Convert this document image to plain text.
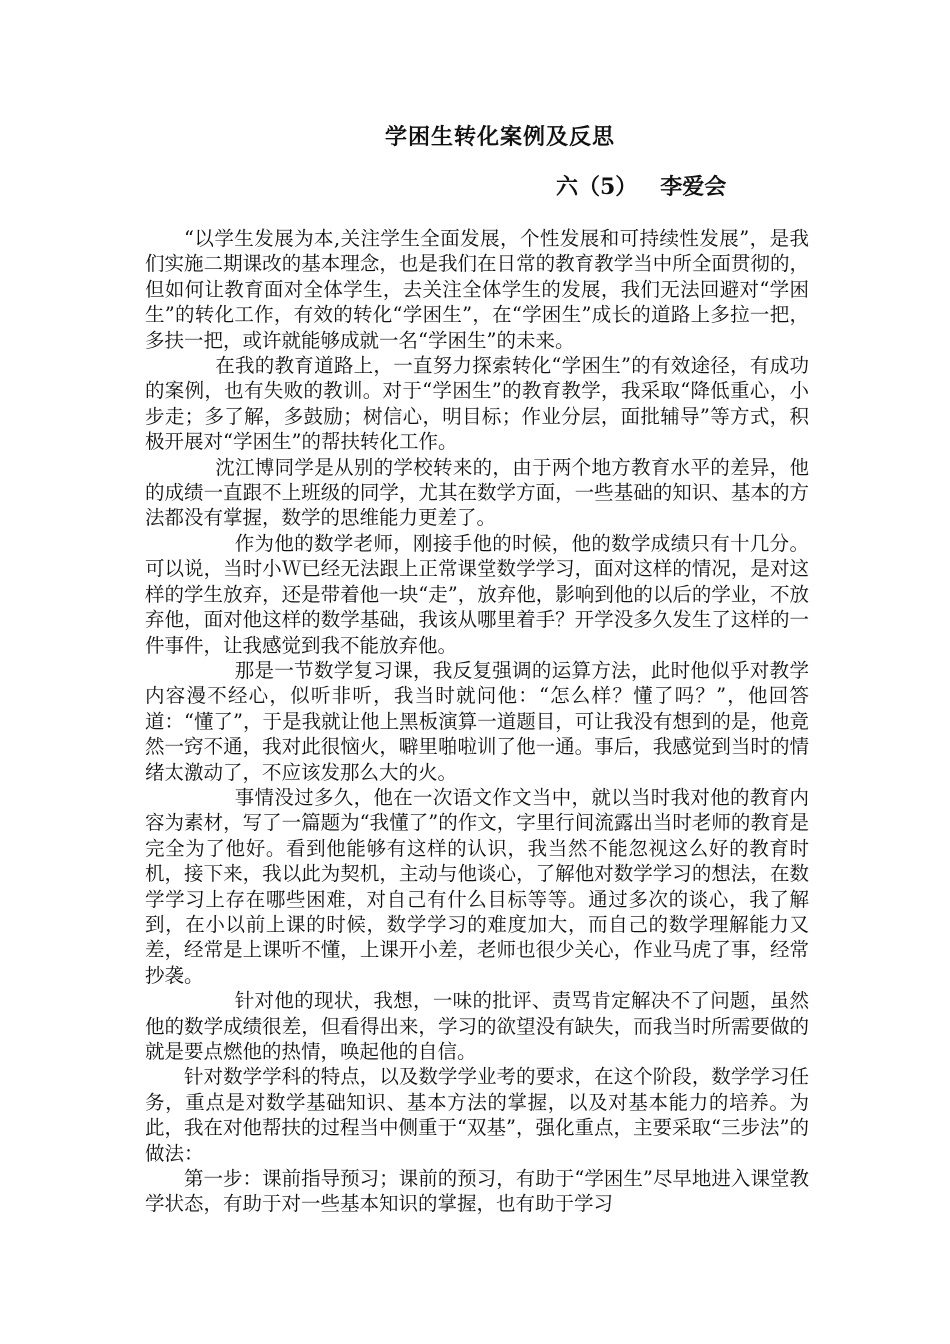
学困生转化案例及反思
六（5）   李爱会

“以学生发展为本,关注学生全面发展，个性发展和可持续性发展”，是我们实施二期课改的基本理念，也是我们在日常的教育教学当中所全面贯彻的，但如何让教育面对全体学生，去关注全体学生的发展，我们无法回避对“学困生”的转化工作，有效的转化“学困生”，在“学困生”成长的道路上多拉一把，多扶一把，或许就能够成就一名“学困生”的未来。

在我的教育道路上，一直努力探索转化“学困生”的有效途径，有成功的案例，也有失败的教训。对于“学困生”的教育教学，我采取“降低重心，小步走；多了解，多鼓励；树信心，明目标；作业分层，面批辅导”等方式，积极开展对“学困生”的帮扶转化工作。

沈江博同学是从别的学校转来的，由于两个地方教育水平的差异，他的成绩一直跟不上班级的同学，尤其在数学方面，一些基础的知识、基本的方法都没有掌握，数学的思维能力更差了。

作为他的数学老师，刚接手他的时候，他的数学成绩只有十几分。可以说，当时小Ｗ已经无法跟上正常课堂数学学习，面对这样的情况，是对这样的学生放弃，还是带着他一块“走”，放弃他，影响到他的以后的学业，不放弃他，面对他这样的数学基础，我该从哪里着手？开学没多久发生了这样的一件事件，让我感觉到我不能放弃他。

那是一节数学复习课，我反复强调的运算方法，此时他似乎对教学内容漫不经心，似听非听，我当时就问他：“怎么样？懂了吗？”，他回答道：“懂了”，于是我就让他上黑板演算一道题目，可让我没有想到的是，他竟然一窍不通，我对此很恼火，噼里啪啦训了他一通。事后，我感觉到当时的情绪太激动了，不应该发那么大的火。

事情没过多久，他在一次语文作文当中，就以当时我对他的教育内容为素材，写了一篇题为“我懂了”的作文，字里行间流露出当时老师的教育是完全为了他好。看到他能够有这样的认识，我当然不能忽视这么好的教育时机，接下来，我以此为契机，主动与他谈心，了解他对数学学习的想法，在数学学习上存在哪些困难，对自己有什么目标等等。通过多次的谈心，我了解到，在小以前上课的时候，数学学习的难度加大，而自己的数学理解能力又差，经常是上课听不懂，上课开小差，老师也很少关心，作业马虎了事，经常抄袭。

针对他的现状，我想，一味的批评、责骂肯定解决不了问题，虽然他的数学成绩很差，但看得出来，学习的欲望没有缺失，而我当时所需要做的就是要点燃他的热情，唤起他的自信。

针对数学学科的特点，以及数学学业考的要求，在这个阶段，数学学习任务，重点是对数学基础知识、基本方法的掌握，以及对基本能力的培养。为此，我在对他帮扶的过程当中侧重于“双基”，强化重点，主要采取“三步法”的做法：

第一步：课前指导预习；课前的预习，有助于“学困生”尽早地进入课堂教学状态，有助于对一些基本知识的掌握，也有助于学习
